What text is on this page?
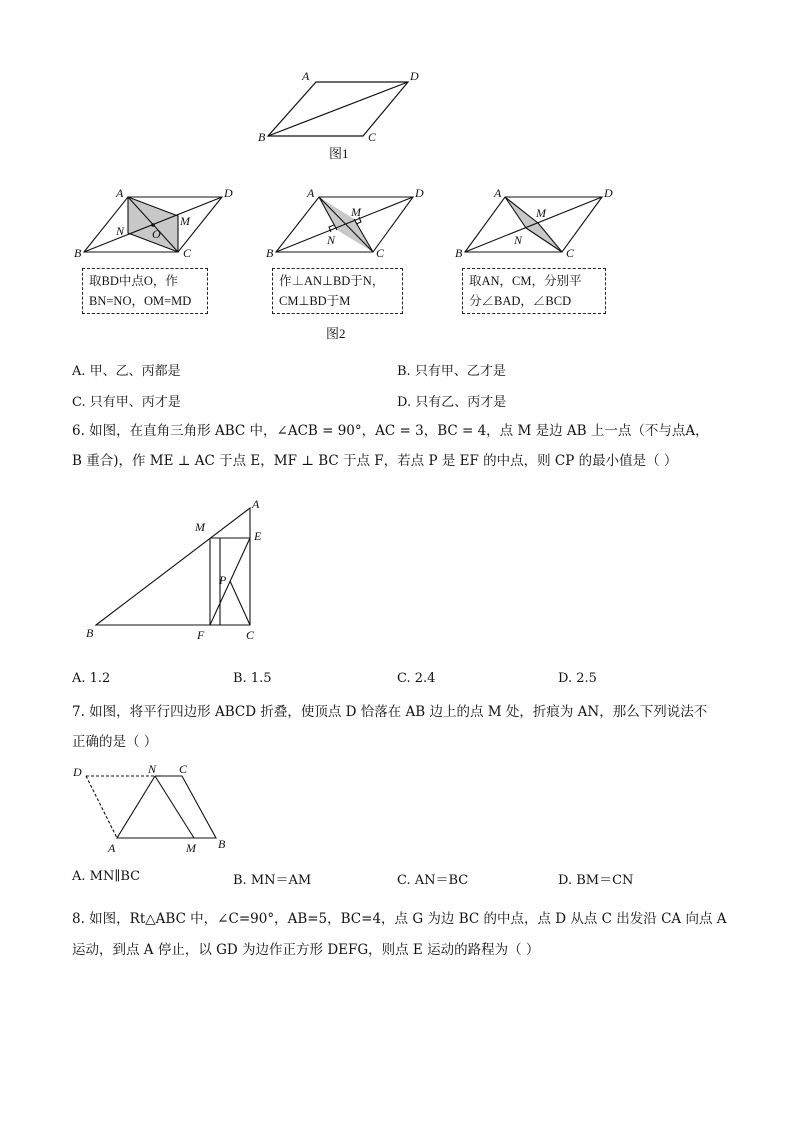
A	D
B	C
图1
A	D
B	C
N
M
O
A	D
B	C
M
N
A	D
B	C
M
N
图2
A
M
E
P
B	F	C
D	N C
A	M B
取BD中点O，作
BN=NO，OM=MD
作⊥AN⊥BD于N，
CM⊥BD于M
取AN，CM，分别平
分∠BAD，∠BCD
A. 甲、乙、丙都是	B. 只有甲、乙才是
C. 只有甲、丙才是	D. 只有乙、丙才是
6. 如图，在直角三角形 ABC 中，∠ACB = 90°，AC = 3，BC = 4，点 M 是边 AB 上一点（不与点A，
B 重合)，作 ME ⊥ AC 于点 E，MF ⊥ BC 于点 F，若点 P 是 EF 的中点，则 CP 的最小值是（ ）
A. 1.2	B. 1.5	C. 2.4	D. 2.5
7. 如图，将平行四边形 ABCD 折叠，使顶点 D 恰落在 AB 边上的点 M 处，折痕为 AN，那么下列说法不
正确的是（ ）
A. MN∥BC	B. MN＝AM	C. AN＝BC	D. BM＝CN
8. 如图，Rt△ABC 中，∠C=90°，AB=5，BC=4，点 G 为边 BC 的中点，点 D 从点 C 出发沿 CA 向点 A
运动，到点 A 停止，以 GD 为边作正方形 DEFG，则点 E 运动的路程为（ ）
